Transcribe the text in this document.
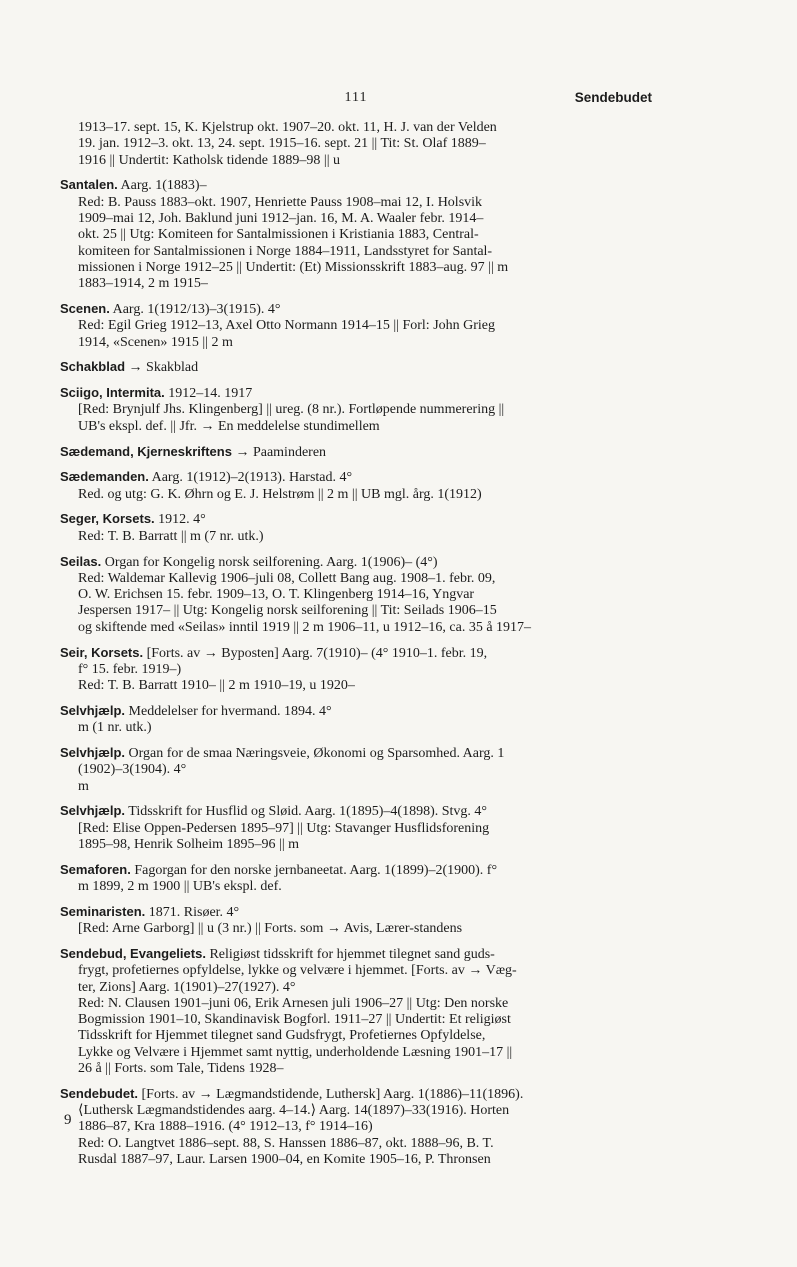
111	Sendebudet
1913–17. sept. 15, K. Kjelstrup okt. 1907–20. okt. 11, H. J. van der Velden
19. jan. 1912–3. okt. 13, 24. sept. 1915–16. sept. 21 || Tit: St. Olaf 1889–
1916 || Undertit: Katholsk tidende 1889–98 || u
Santalen. Aarg. 1(1883)–
Red: B. Pauss 1883–okt. 1907, Henriette Pauss 1908–mai 12, I. Holsvik
1909–mai 12, Joh. Baklund juni 1912–jan. 16, M. A. Waaler febr. 1914–
okt. 25 || Utg: Komiteen for Santalmissionen i Kristiania 1883, Central-
komiteen for Santalmissionen i Norge 1884–1911, Landsstyret for Santal-
missionen i Norge 1912–25 || Undertit: (Et) Missionsskrift 1883–aug. 97 || m
1883–1914, 2 m 1915–
Scenen. Aarg. 1(1912/13)–3(1915). 4°
Red: Egil Grieg 1912–13, Axel Otto Normann 1914–15 || Forl: John Grieg
1914, «Scenen» 1915 || 2 m
Schakblad → Skakblad
Sciigo, Intermita. 1912–14. 1917
[Red: Brynjulf Jhs. Klingenberg] || ureg. (8 nr.). Fortløpende nummerering ||
UB's ekspl. def. || Jfr. → En meddelelse stundimellem
Sædemand, Kjerneskriftens → Paaminderen
Sædemanden. Aarg. 1(1912)–2(1913). Harstad. 4°
Red. og utg: G. K. Øhrn og E. J. Helstrøm || 2 m || UB mgl. årg. 1(1912)
Seger, Korsets. 1912. 4°
Red: T. B. Barratt || m (7 nr. utk.)
Seilas. Organ for Kongelig norsk seilforening. Aarg. 1(1906)– (4°)
Red: Waldemar Kallevig 1906–juli 08, Collett Bang aug. 1908–1. febr. 09,
O. W. Erichsen 15. febr. 1909–13, O. T. Klingenberg 1914–16, Yngvar
Jespersen 1917– || Utg: Kongelig norsk seilforening || Tit: Seilads 1906–15
og skiftende med «Seilas» inntil 1919 || 2 m 1906–11, u 1912–16, ca. 35 å 1917–
Seir, Korsets. [Forts. av → Byposten] Aarg. 7(1910)– (4° 1910–1. febr. 19,
f° 15. febr. 1919–)
Red: T. B. Barratt 1910– || 2 m 1910–19, u 1920–
Selvhjælp. Meddelelser for hvermand. 1894. 4°
m (1 nr. utk.)
Selvhjælp. Organ for de smaa Næringsveie, Økonomi og Sparsomhed. Aarg. 1
(1902)–3(1904). 4°
m
Selvhjælp. Tidsskrift for Husflid og Sløid. Aarg. 1(1895)–4(1898). Stvg. 4°
[Red: Elise Oppen-Pedersen 1895–97] || Utg: Stavanger Husflidsforening
1895–98, Henrik Solheim 1895–96 || m
Semaforen. Fagorgan for den norske jernbaneetat. Aarg. 1(1899)–2(1900). f°
m 1899, 2 m 1900 || UB's ekspl. def.
Seminaristen. 1871. Risøer. 4°
[Red: Arne Garborg] || u (3 nr.) || Forts. som → Avis, Lærer-standens
Sendebud, Evangeliets. Religiøst tidsskrift for hjemmet tilegnet sand guds-
frygt, profetiernes opfyldelse, lykke og velvære i hjemmet. [Forts. av → Væg-
ter, Zions] Aarg. 1(1901)–27(1927). 4°
Red: N. Clausen 1901–juni 06, Erik Arnesen juli 1906–27 || Utg: Den norske
Bogmission 1901–10, Skandinavisk Bogforl. 1911–27 || Undertit: Et religiøst
Tidsskrift for Hjemmet tilegnet sand Gudsfrygt, Profetiernes Opfyldelse,
Lykke og Velvære i Hjemmet samt nyttig, underholdende Læsning 1901–17 ||
26 å || Forts. som Tale, Tidens 1928–
Sendebudet. [Forts. av → Lægmandstidende, Luthersk] Aarg. 1(1886)–11(1896).
⟨Luthersk Lægmandstidendes aarg. 4–14.⟩ Aarg. 14(1897)–33(1916). Horten
1886–87, Kra 1888–1916. (4° 1912–13, f° 1914–16)
Red: O. Langtvet 1886–sept. 88, S. Hanssen 1886–87, okt. 1888–96, B. T.
Rusdal 1887–97, Laur. Larsen 1900–04, en Komite 1905–16, P. Thronsen
9
